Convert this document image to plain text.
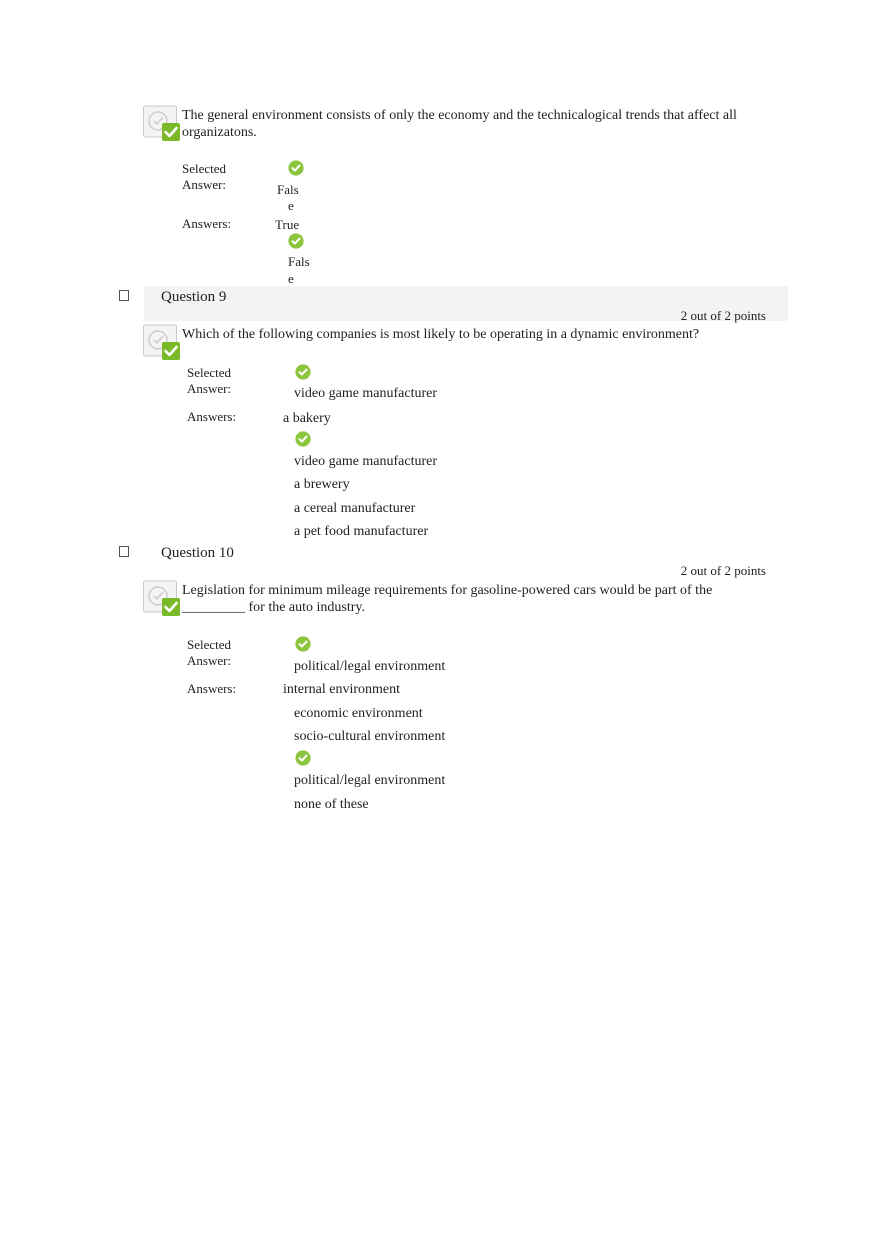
The general environment consists of only the economy and the technicalogical trends that affect all organizatons.
Selected Answer:	Fals
e
Answers:	True
Fals
e
Question 9
2 out of 2 points
Which of the following companies is most likely to be operating in a dynamic environment?
Selected Answer:	video game manufacturer
Answers:	a bakery
video game manufacturer
a brewery
a cereal manufacturer
a pet food manufacturer
Question 10
2 out of 2 points
Legislation for minimum mileage requirements for gasoline-powered cars would be part of the _________ for the auto industry.
Selected Answer:	political/legal environment
Answers:	internal environment
economic environment
socio-cultural environment
political/legal environment
none of these
